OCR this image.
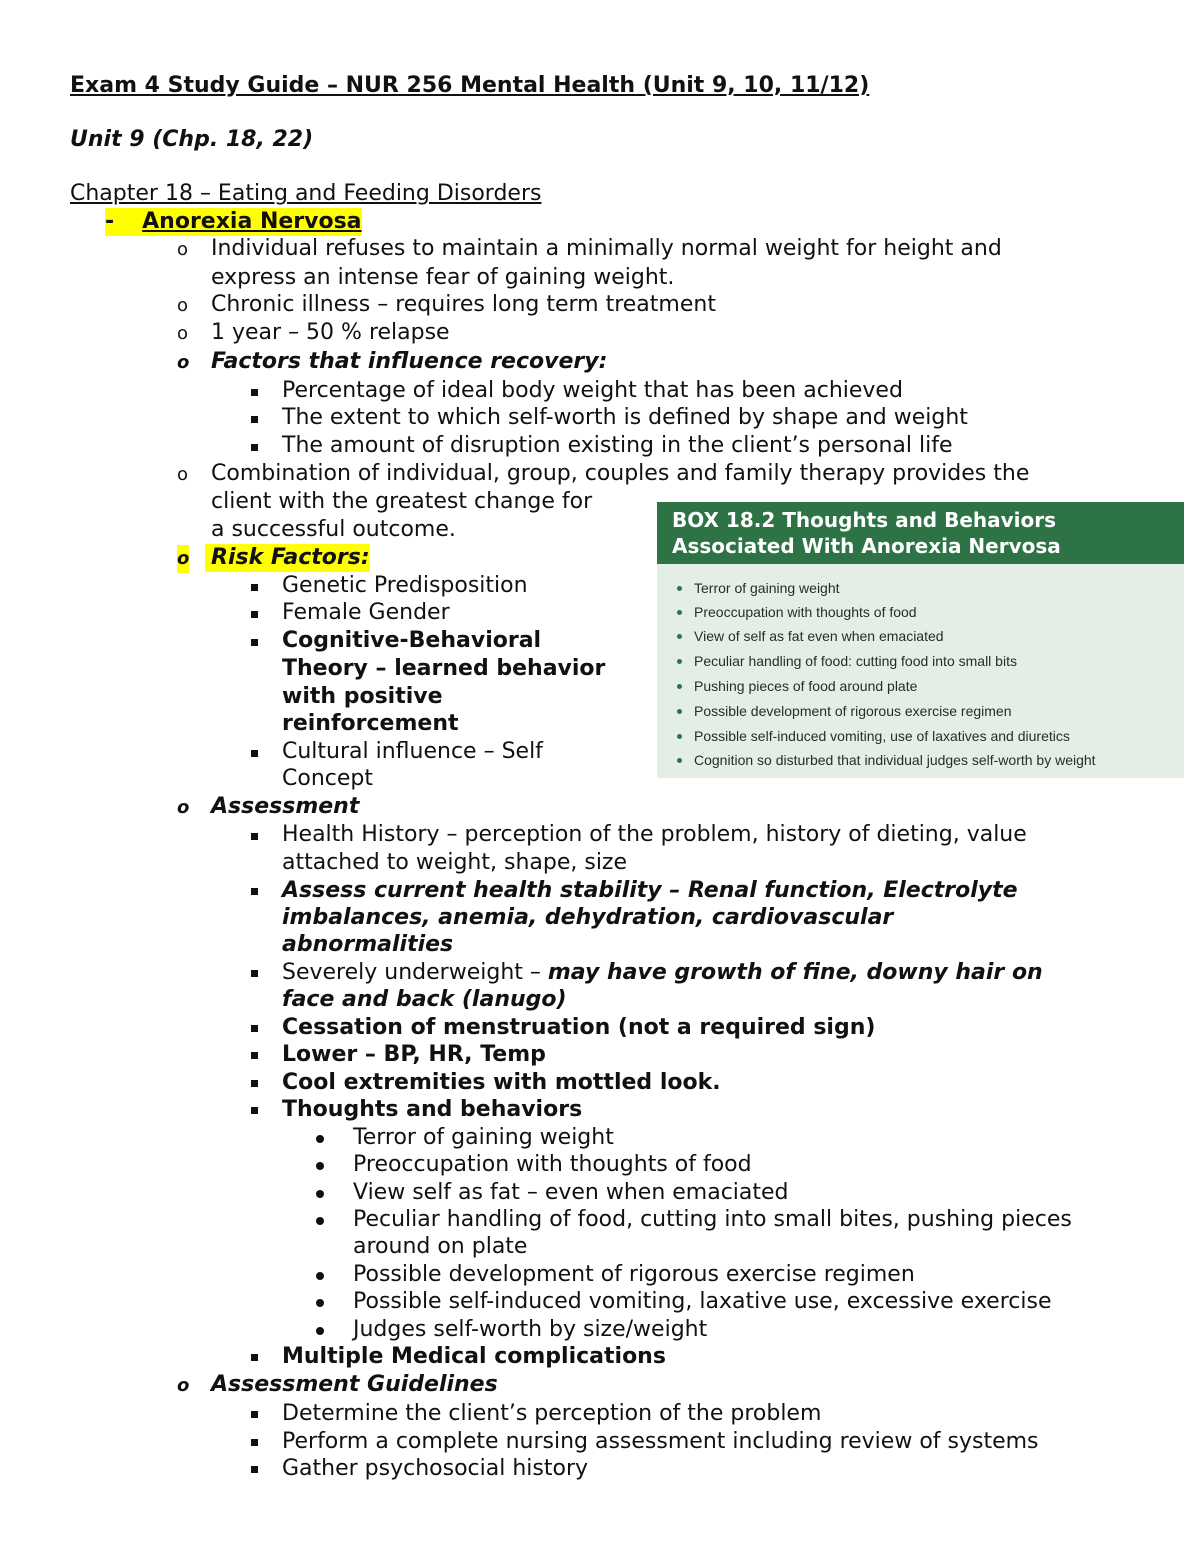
Exam 4 Study Guide – NUR 256 Mental Health (Unit 9, 10, 11/12)
Unit 9 (Chp. 18, 22)
Chapter 18 – Eating and Feeding Disorders
- Anorexia Nervosa
o Individual refuses to maintain a minimally normal weight for height and
express an intense fear of gaining weight.
o Chronic illness – requires long term treatment
o 1 year – 50 % relapse
o Factors that influence recovery:
Percentage of ideal body weight that has been achieved
The extent to which self-worth is defined by shape and weight
The amount of disruption existing in the client’s personal life
o Combination of individual, group, couples and family therapy provides the
client with the greatest change for
a successful outcome.
o Risk Factors:
Genetic Predisposition
Female Gender
Cognitive-Behavioral
Theory – learned behavior
with positive
reinforcement
Cultural influence – Self
Concept
o Assessment
Health History – perception of the problem, history of dieting, value
attached to weight, shape, size
Assess current health stability – Renal function, Electrolyte
imbalances, anemia, dehydration, cardiovascular
abnormalities
Severely underweight – may have growth of fine, downy hair on
face and back (lanugo)
Cessation of menstruation (not a required sign)
Lower – BP, HR, Temp
Cool extremities with mottled look.
Thoughts and behaviors
Terror of gaining weight
Preoccupation with thoughts of food
View self as fat – even when emaciated
Peculiar handling of food, cutting into small bites, pushing pieces
around on plate
Possible development of rigorous exercise regimen
Possible self-induced vomiting, laxative use, excessive exercise
Judges self-worth by size/weight
Multiple Medical complications
o Assessment Guidelines
Determine the client’s perception of the problem
Perform a complete nursing assessment including review of systems
Gather psychosocial history
BOX 18.2 Thoughts and Behaviors
Associated With Anorexia Nervosa
Terror of gaining weight
Preoccupation with thoughts of food
View of self as fat even when emaciated
Peculiar handling of food: cutting food into small bits
Pushing pieces of food around plate
Possible development of rigorous exercise regimen
Possible self-induced vomiting, use of laxatives and diuretics
Cognition so disturbed that individual judges self-worth by weight
